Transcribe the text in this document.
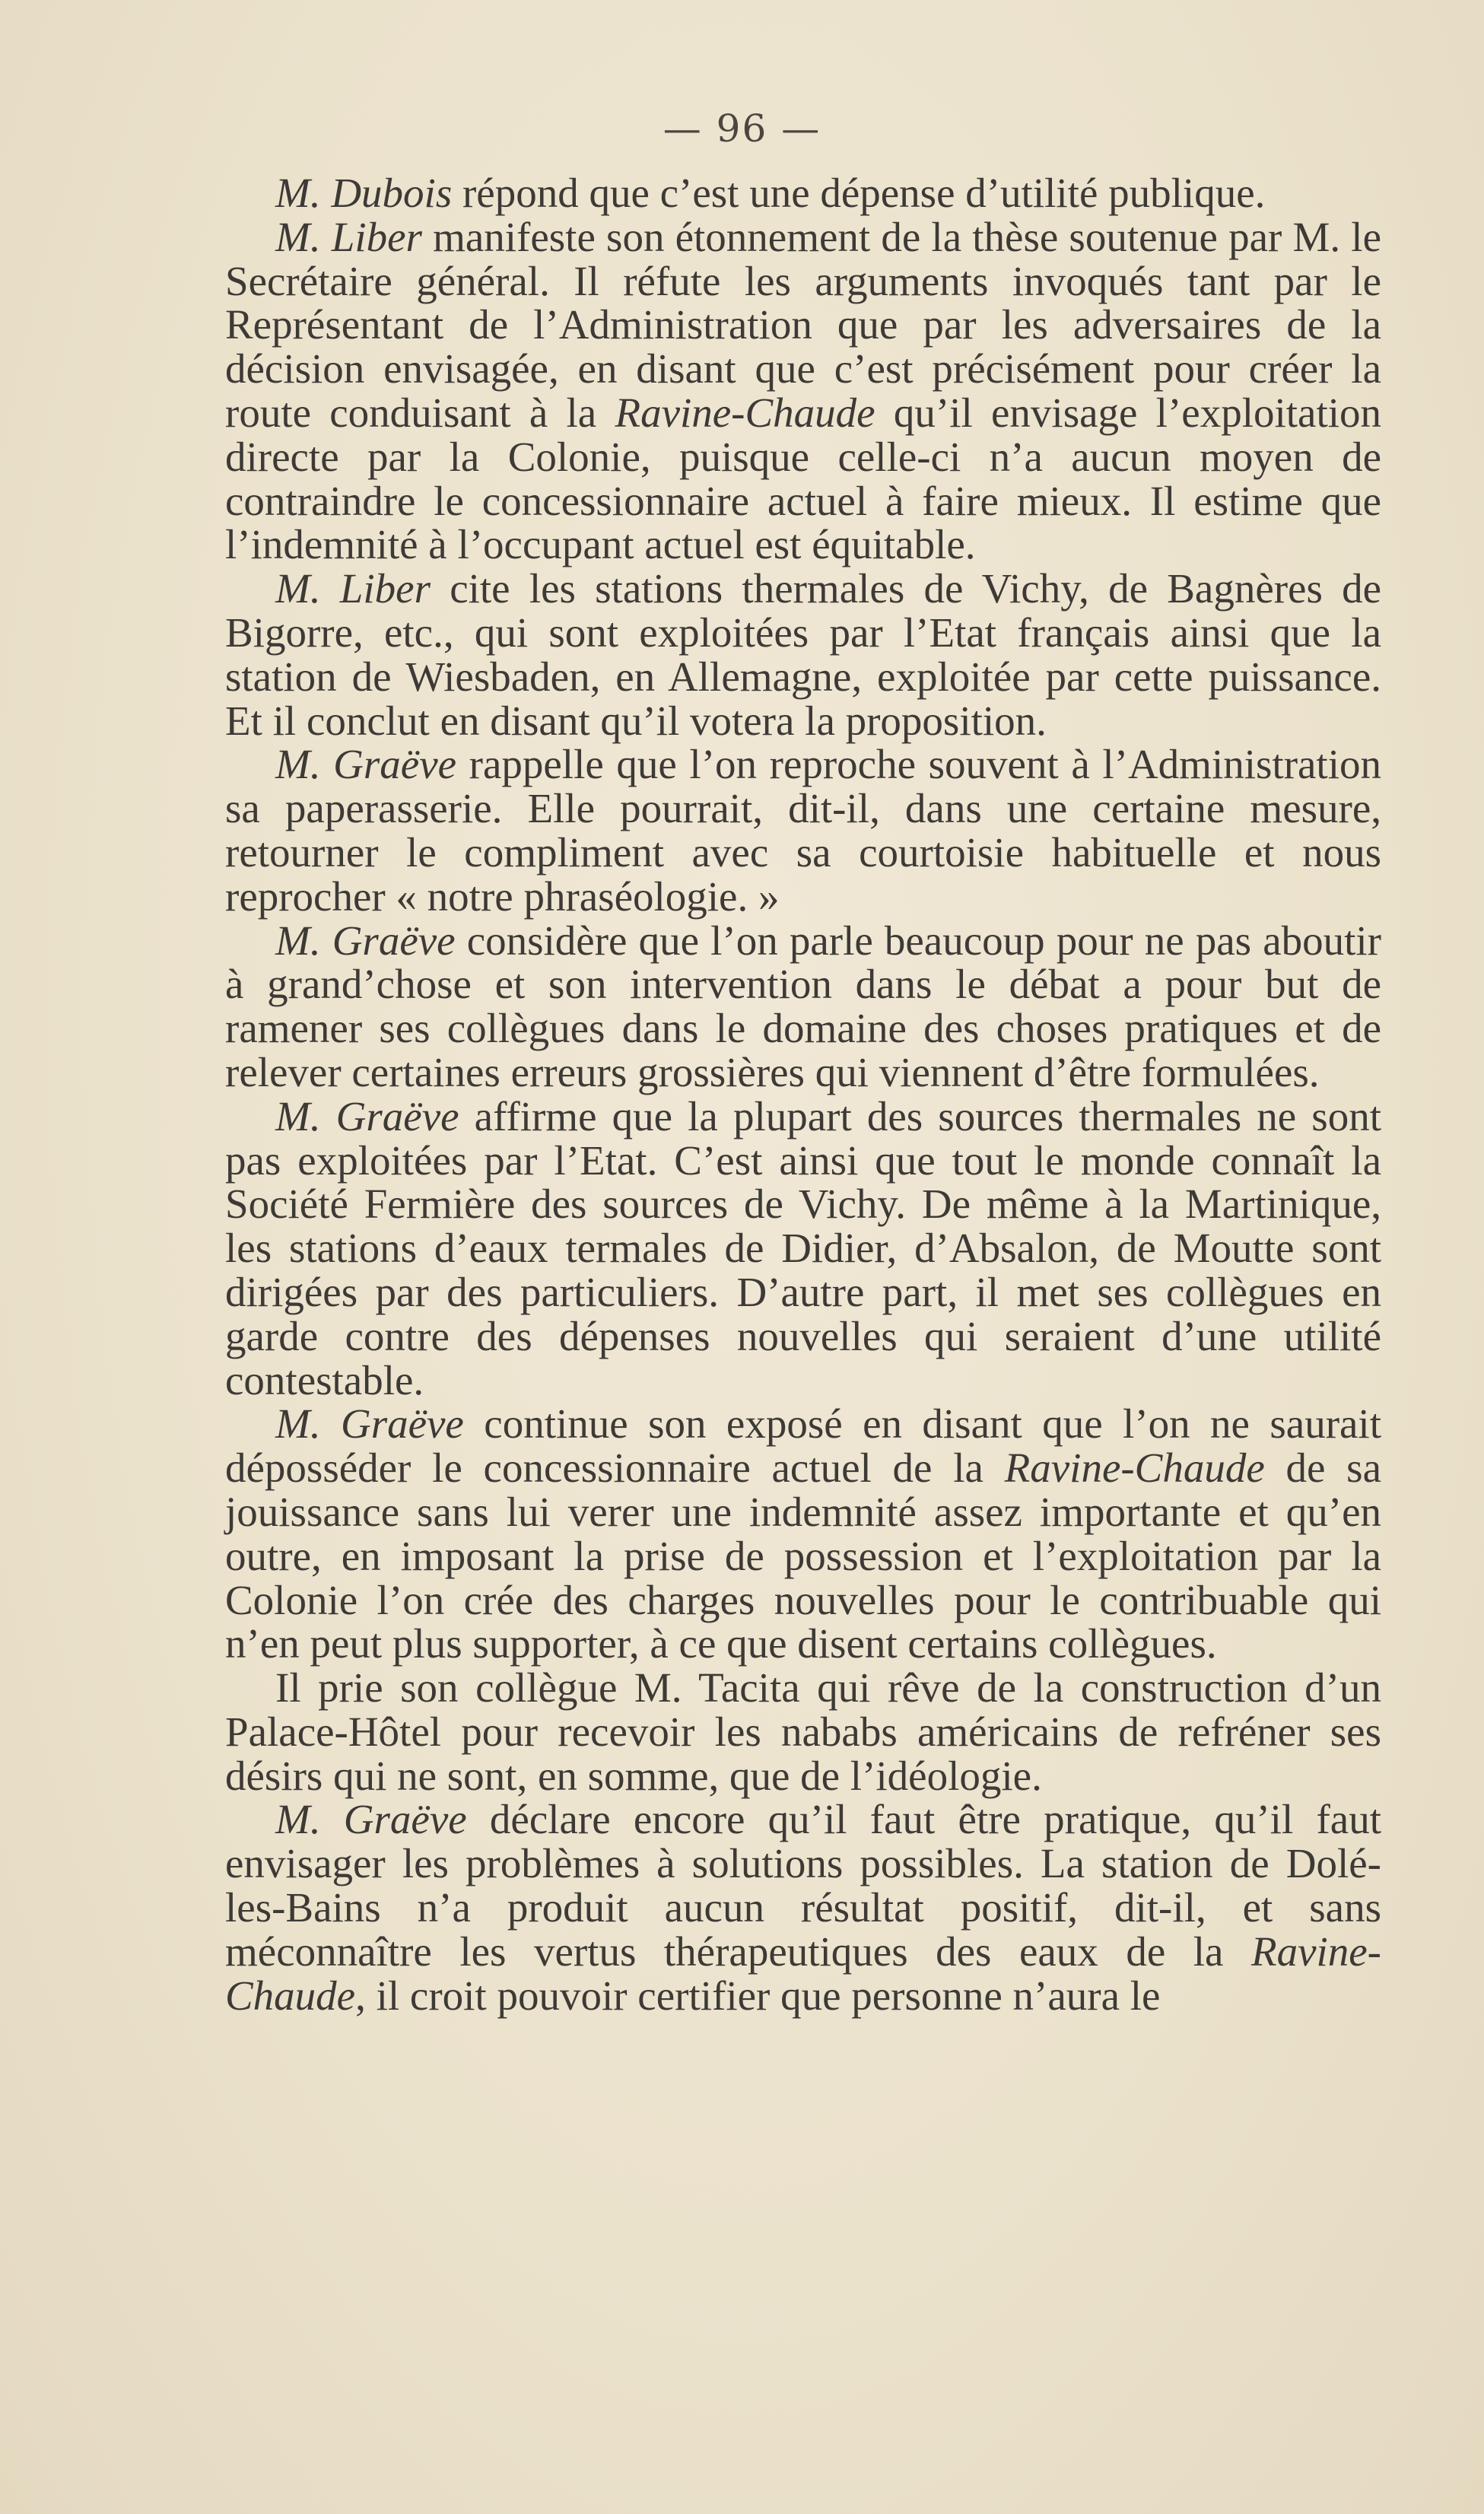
— 96 —

M. Dubois répond que c’est une dépense d’utilité publique.

M. Liber manifeste son étonnement de la thèse soutenue par M. le Secrétaire général. Il réfute les arguments invoqués tant par le Représentant de l’Administration que par les adversaires de la décision envisagée, en disant que c’est précisément pour créer la route conduisant à la Ravine-Chaude qu’il envisage l’exploitation directe par la Colonie, puisque celle-ci n’a aucun moyen de contraindre le concessionnaire actuel à faire mieux. Il estime que l’indemnité à l’occupant actuel est équitable.

M. Liber cite les stations thermales de Vichy, de Bagnères de Bigorre, etc., qui sont exploitées par l’Etat français ainsi que la station de Wiesbaden, en Allemagne, exploitée par cette puissance. Et il conclut en disant qu’il votera la proposition.

M. Graëve rappelle que l’on reproche souvent à l’Administration sa paperasserie. Elle pourrait, dit-il, dans une certaine mesure, retourner le compliment avec sa courtoisie habituelle et nous reprocher « notre phraséologie. »

M. Graëve considère que l’on parle beaucoup pour ne pas aboutir à grand’chose et son intervention dans le débat a pour but de ramener ses collègues dans le domaine des choses pratiques et de relever certaines erreurs grossières qui viennent d’être formulées.

M. Graëve affirme que la plupart des sources thermales ne sont pas exploitées par l’Etat. C’est ainsi que tout le monde connaît la Société Fermière des sources de Vichy. De même à la Martinique, les stations d’eaux termales de Didier, d’Absalon, de Moutte sont dirigées par des particuliers. D’autre part, il met ses collègues en garde contre des dépenses nouvelles qui seraient d’une utilité contestable.

M. Graëve continue son exposé en disant que l’on ne saurait déposséder le concessionnaire actuel de la Ravine-Chaude de sa jouissance sans lui verer une indemnité assez importante et qu’en outre, en imposant la prise de possession et l’exploitation par la Colonie l’on crée des charges nouvelles pour le contribuable qui n’en peut plus supporter, à ce que disent certains collègues.

Il prie son collègue M. Tacita qui rêve de la construction d’un Palace-Hôtel pour recevoir les nababs américains de refréner ses désirs qui ne sont, en somme, que de l’idéologie.

M. Graëve déclare encore qu’il faut être pratique, qu’il faut envisager les problèmes à solutions possibles. La station de Dolé-les-Bains n’a produit aucun résultat positif, dit-il, et sans méconnaître les vertus thérapeutiques des eaux de la Ravine-Chaude, il croit pouvoir certifier que personne n’aura le
